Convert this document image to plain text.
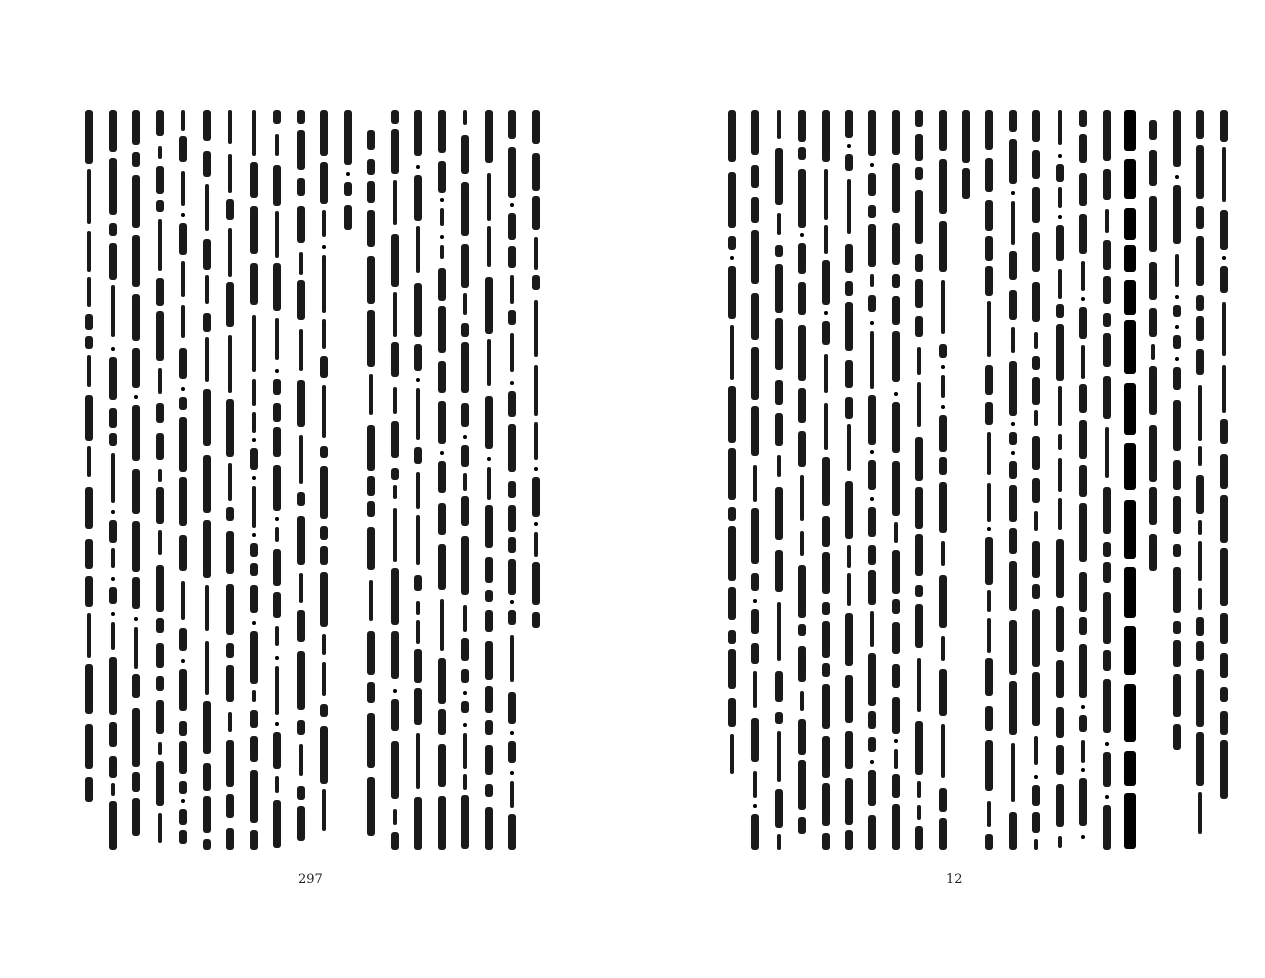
297	12
